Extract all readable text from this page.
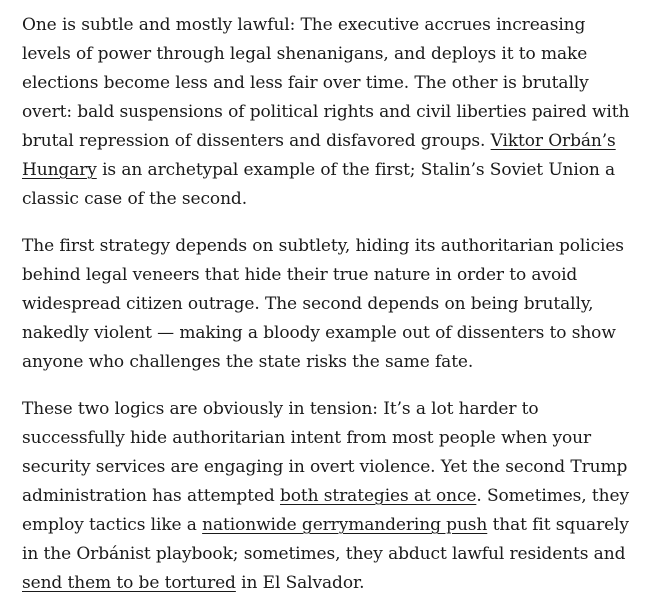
One is subtle and mostly lawful: The executive accrues increasing levels of power through legal shenanigans, and deploys it to make elections become less and less fair over time. The other is brutally overt: bald suspensions of political rights and civil liberties paired with brutal repression of dissenters and disfavored groups. Viktor Orbán’s Hungary is an archetypal example of the first; Stalin’s Soviet Union a classic case of the second.

The first strategy depends on subtlety, hiding its authoritarian policies behind legal veneers that hide their true nature in order to avoid widespread citizen outrage. The second depends on being brutally, nakedly violent — making a bloody example out of dissenters to show anyone who challenges the state risks the same fate.

These two logics are obviously in tension: It’s a lot harder to successfully hide authoritarian intent from most people when your security services are engaging in overt violence. Yet the second Trump administration has attempted both strategies at once. Sometimes, they employ tactics like a nationwide gerrymandering push that fit squarely in the Orbánist playbook; sometimes, they abduct lawful residents and send them to be tortured in El Salvador.
